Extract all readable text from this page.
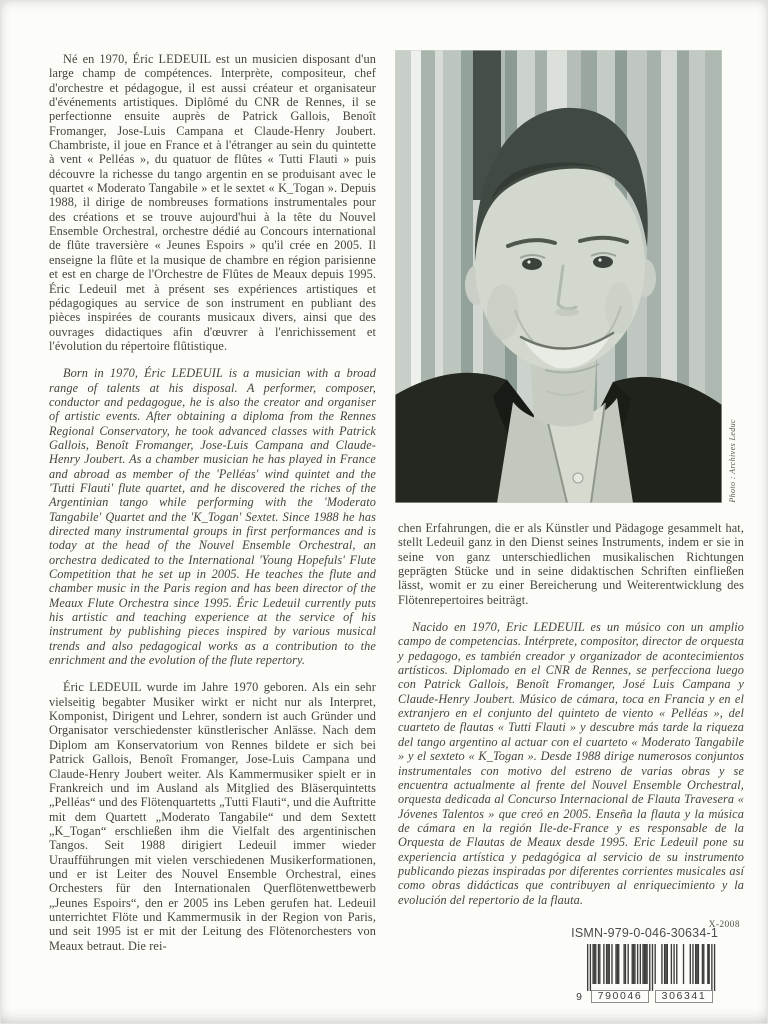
Né en 1970, Éric LEDEUIL est un musicien disposant d'un large champ de compétences. Interprète, compositeur, chef d'orchestre et pédagogue, il est aussi créateur et organisateur d'événements artistiques. Diplômé du CNR de Rennes, il se perfectionne ensuite auprès de Patrick Gallois, Benoît Fromanger, Jose-Luis Campana et Claude-Henry Joubert. Chambriste, il joue en France et à l'étranger au sein du quintette à vent « Pelléas », du quatuor de flûtes « Tutti Flauti » puis découvre la richesse du tango argentin en se produisant avec le quartet « Moderato Tangabile » et le sextet « K_Togan ». Depuis 1988, il dirige de nombreuses formations instrumentales pour des créations et se trouve aujourd'hui à la tête du Nouvel Ensemble Orchestral, orchestre dédié au Concours international de flûte traversière « Jeunes Espoirs » qu'il crée en 2005. Il enseigne la flûte et la musique de chambre en région parisienne et est en charge de l'Orchestre de Flûtes de Meaux depuis 1995. Éric Ledeuil met à présent ses expériences artistiques et pédagogiques au service de son instrument en publiant des pièces inspirées de courants musicaux divers, ainsi que des ouvrages didactiques afin d'œuvrer à l'enrichissement et l'évolution du répertoire flûtistique.

Born in 1970, Éric LEDEUIL is a musician with a broad range of talents at his disposal. A performer, composer, conductor and pedagogue, he is also the creator and organiser of artistic events. After obtaining a diploma from the Rennes Regional Conservatory, he took advanced classes with Patrick Gallois, Benoît Fromanger, Jose-Luis Campana and Claude-Henry Joubert. As a chamber musician he has played in France and abroad as member of the 'Pelléas' wind quintet and the 'Tutti Flauti' flute quartet, and he discovered the riches of the Argentinian tango while performing with the 'Moderato Tangabile' Quartet and the 'K_Togan' Sextet. Since 1988 he has directed many instrumental groups in first performances and is today at the head of the Nouvel Ensemble Orchestral, an orchestra dedicated to the International 'Young Hopefuls' Flute Competition that he set up in 2005. He teaches the flute and chamber music in the Paris region and has been director of the Meaux Flute Orchestra since 1995. Éric Ledeuil currently puts his artistic and teaching experience at the service of his instrument by publishing pieces inspired by various musical trends and also pedagogical works as a contribution to the enrichment and the evolution of the flute repertory.

Éric LEDEUIL wurde im Jahre 1970 geboren. Als ein sehr vielseitig begabter Musiker wirkt er nicht nur als Interpret, Komponist, Dirigent und Lehrer, sondern ist auch Gründer und Organisator verschiedenster künstlerischer Anlässe. Nach dem Diplom am Konservatorium von Rennes bildete er sich bei Patrick Gallois, Benoît Fromanger, Jose-Luis Campana und Claude-Henry Joubert weiter. Als Kammermusiker spielt er in Frankreich und im Ausland als Mitglied des Bläserquintetts „Pelléas“ und des Flötenquartetts „Tutti Flauti“, und die Auftritte mit dem Quartett „Moderato Tangabile“ und dem Sextett „K_Togan“ erschließen ihm die Vielfalt des argentinischen Tangos. Seit 1988 dirigiert Ledeuil immer wieder Uraufführungen mit vielen verschiedenen Musikerformationen, und er ist Leiter des Nouvel Ensemble Orchestral, eines Orchesters für den Internationalen Querflötenwettbewerb „Jeunes Espoirs“, den er 2005 ins Leben gerufen hat. Ledeuil unterrichtet Flöte und Kammermusik in der Region von Paris, und seit 1995 ist er mit der Leitung des Flötenorchesters von Meaux betraut. Die rei-

Photo : Archives Leduc

chen Erfahrungen, die er als Künstler und Pädagoge gesammelt hat, stellt Ledeuil ganz in den Dienst seines Instruments, indem er sie in seine von ganz unterschiedlichen musikalischen Richtungen geprägten Stücke und in seine didaktischen Schriften einfließen lässt, womit er zu einer Bereicherung und Weiterentwicklung des Flötenrepertoires beiträgt.

Nacido en 1970, Eric LEDEUIL es un músico con un amplio campo de competencias. Intérprete, compositor, director de orquesta y pedagogo, es también creador y organizador de acontecimientos artísticos. Diplomado en el CNR de Rennes, se perfecciona luego con Patrick Gallois, Benoît Fromanger, José Luis Campana y Claude-Henry Joubert. Músico de cámara, toca en Francia y en el extranjero en el conjunto del quinteto de viento « Pelléas », del cuarteto de flautas « Tutti Flauti » y descubre más tarde la riqueza del tango argentino al actuar con el cuarteto « Moderato Tangabile » y el sexteto « K_Togan ». Desde 1988 dirige numerosos conjuntos instrumentales con motivo del estreno de varias obras y se encuentra actualmente al frente del Nouvel Ensemble Orchestral, orquesta dedicada al Concurso Internacional de Flauta Travesera « Jóvenes Talentos » que creó en 2005. Enseña la flauta y la música de cámara en la región Ile-de-France y es responsable de la Orquesta de Flautas de Meaux desde 1995. Eric Ledeuil pone su experiencia artística y pedagógica al servicio de su instrumento publicando piezas inspiradas por diferentes corrientes musicales así como obras didácticas que contribuyen al enriquecimiento y la evolución del repertorio de la flauta.

X-2008
ISMN-979-0-046-30634-1
9	790046	306341
